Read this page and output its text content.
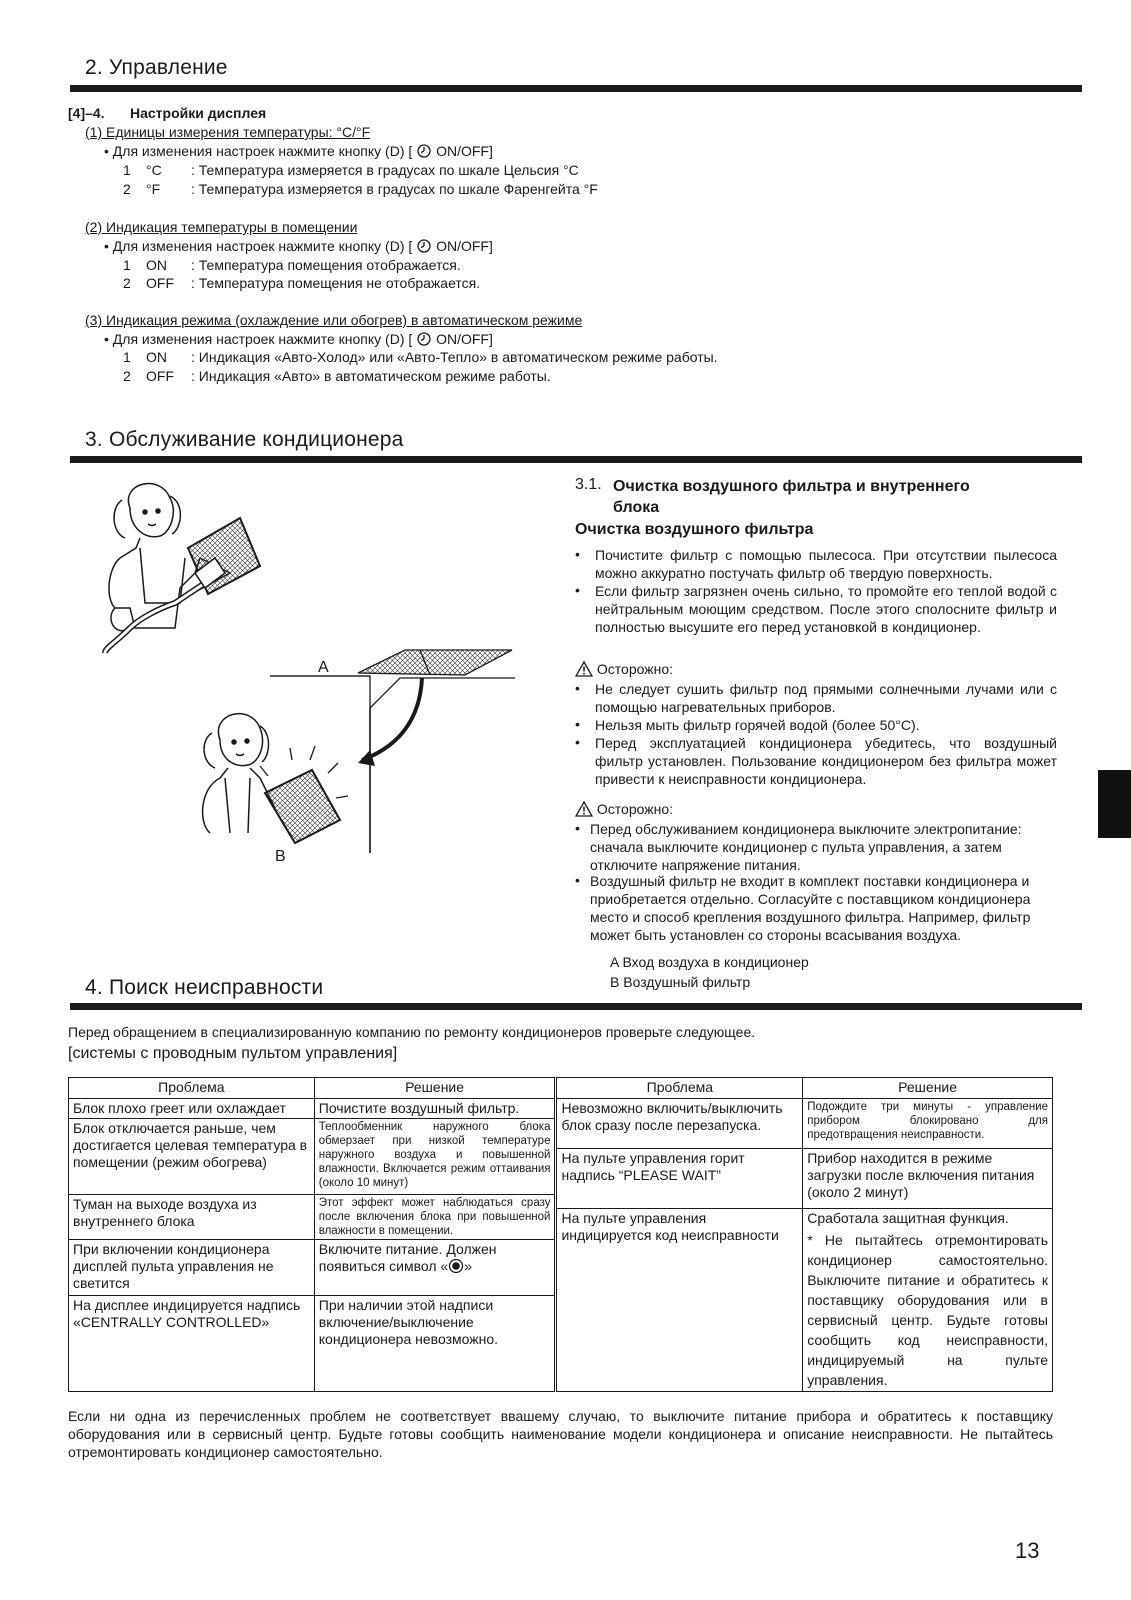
2. Управление
[4]–4. Настройки дисплея
(1) Единицы измерения температуры: °C/°F
• Для изменения настроек нажмите кнопку (D) [ ON/OFF]
1 °C : Температура измеряется в градусах по шкале Цельсия °C
2 °F : Температура измеряется в градусах по шкале Фаренгейта °F
(2) Индикация температуры в помещении
• Для изменения настроек нажмите кнопку (D) [ ON/OFF]
1 ON : Температура помещения отображается.
2 OFF : Температура помещения не отображается.
(3) Индикация режима (охлаждение или обогрев) в автоматическом режиме
• Для изменения настроек нажмите кнопку (D) [ ON/OFF]
1 ON : Индикация «Авто-Холод» или «Авто-Тепло» в автоматическом режиме работы.
2 OFF : Индикация «Авто» в автоматическом режиме работы.
3. Обслуживание кондиционера
A
B
3.1. Очистка воздушного фильтра и внутреннего
блока
Очистка воздушного фильтра
• Почистите фильтр с помощью пылесоса. При отсутствии пылесоса можно аккуратно постучать фильтр об твердую поверхность.
• Если фильтр загрязнен очень сильно, то промойте его теплой водой с нейтральным моющим средством. После этого сполосните фильтр и полностью высушите его перед установкой в кондиционер.
Осторожно:
• Не следует сушить фильтр под прямыми солнечными лучами или с помощью нагревательных приборов.
• Нельзя мыть фильтр горячей водой (более 50°C).
• Перед эксплуатацией кондиционера убедитесь, что воздушный фильтр установлен. Пользование кондиционером без фильтра может привести к неисправности кондиционера.
Осторожно:
• Перед обслуживанием кондиционера выключите электропитание: сначала выключите кондиционер с пульта управления, а затем отключите напряжение питания.
• Воздушный фильтр не входит в комплект поставки кондиционера и приобретается отдельно. Согласуйте с поставщиком кондиционера место и способ крепления воздушного фильтра. Например, фильтр может быть установлен со стороны всасывания воздуха.
A Вход воздуха в кондиционер
B Воздушный фильтр
4. Поиск неисправности
Перед обращением в специализированную компанию по ремонту кондиционеров проверьте следующее.
[системы с проводным пультом управления]
Проблема	Решение	Проблема	Решение
Блок плохо греет или охлаждает	Почистите воздушный фильтр.	Невозможно включить/выключить блок сразу после перезапуска.	Подождите три минуты - управление прибором блокировано для предотвращения неисправности.
Блок отключается раньше, чем достигается целевая температура в помещении (режим обогрева)	Теплообменник наружного блока обмерзает при низкой температуре наружного воздуха и повышенной влажности. Включается режим оттаивания (около 10 минут)		
		На пульте управления горит надпись “PLEASE WAIT”	Прибор находится в режиме загрузки после включения питания (около 2 минут)
Туман на выходе воздуха из внутреннего блока	Этот эффект может наблюдаться сразу после включения блока при повышенной влажности в помещении.		
		На пульте управления индицируется код неисправности	Сработала защитная функция.
* Не пытайтесь отремонтировать кондиционер самостоятельно. Выключите питание и обратитесь к поставщику оборудования или в сервисный центр. Будьте готовы сообщить код неисправности, индицируемый на пульте управления.

При включении кондиционера дисплей пульта управления не светится	Включите питание. Должен появиться символ « »		
На дисплее индицируется надпись «CENTRALLY CONTROLLED»	При наличии этой надписи включение/выключение кондиционера невозможно.		
Если ни одна из перечисленных проблем не соответствует ввашему случаю, то выключите питание прибора и обратитесь к поставщику оборудования или в сервисный центр. Будьте готовы сообщить наименование модели кондиционера и описание неисправности. Не пытайтесь отремонтировать кондиционер самостоятельно.
13
